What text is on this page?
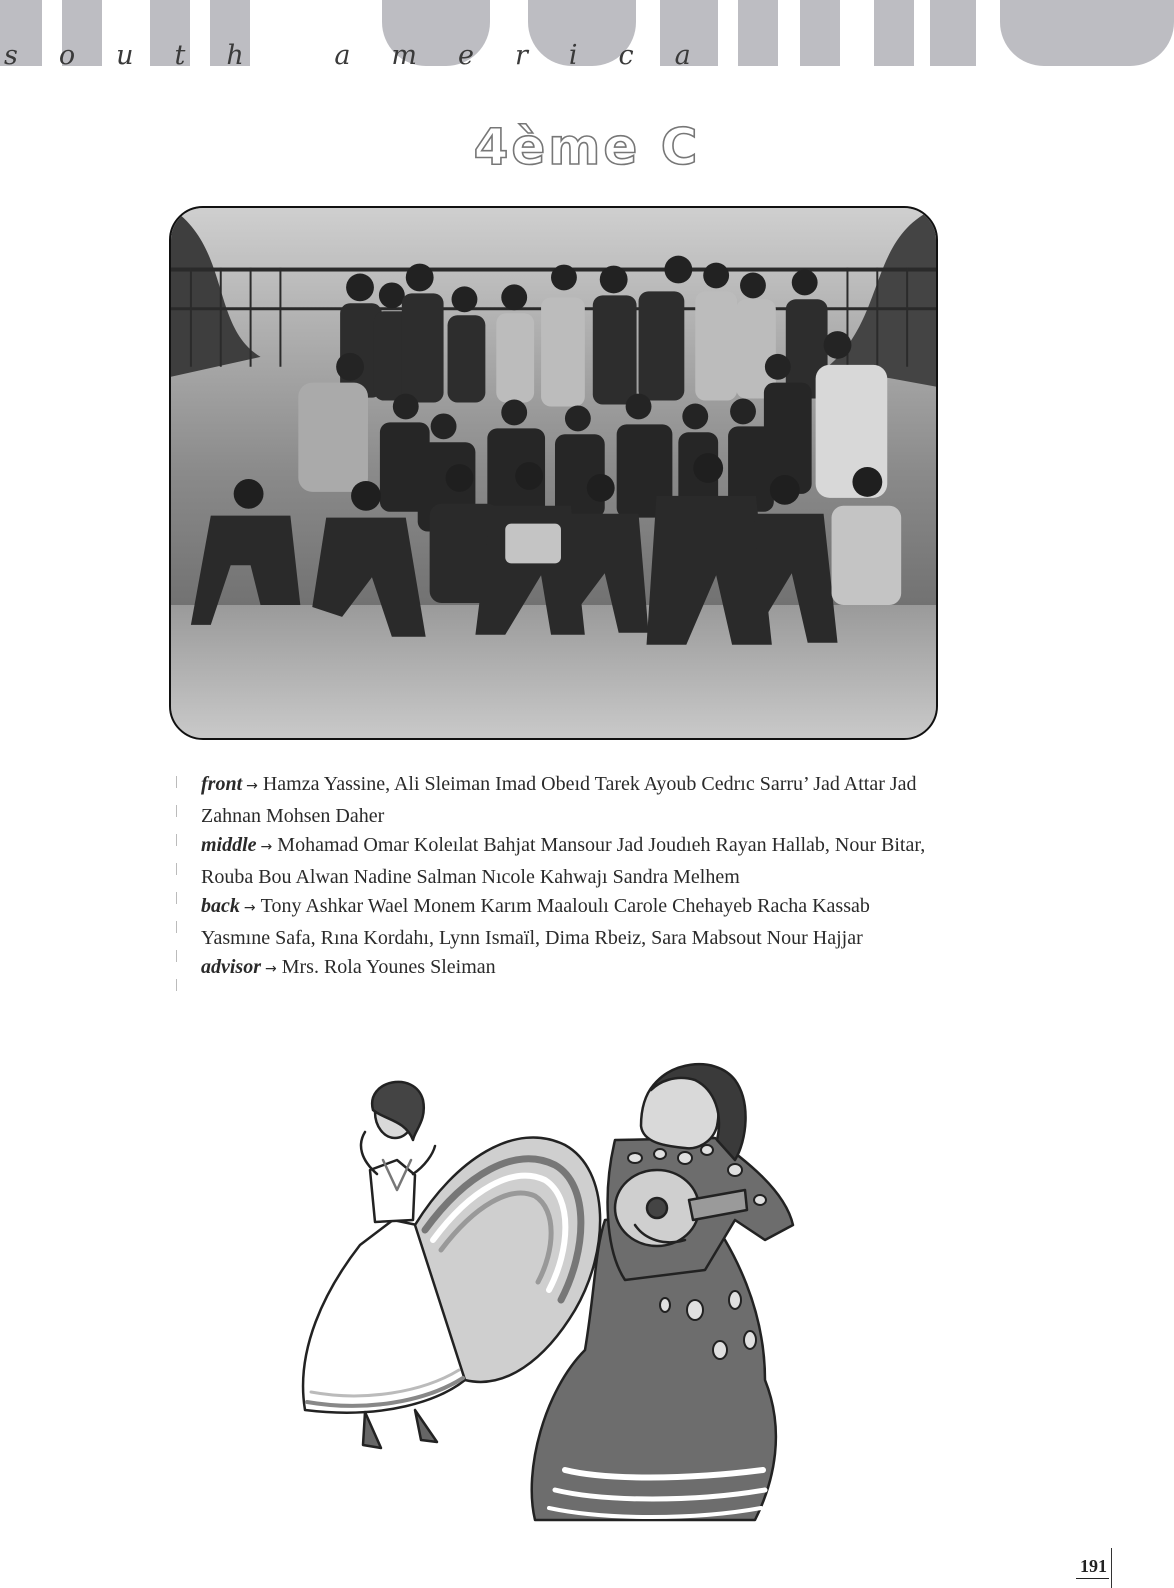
south america
4ème C

front → Hamza Yassine, Ali Sleiman Imad Obeıd Tarek Ayoub Cedrıc Sarru’ Jad Attar Jad Zahnan Mohsen Daher

middle → Mohamad Omar Koleılat Bahjat Mansour Jad Joudıeh Rayan Hallab, Nour Bitar, Rouba Bou Alwan Nadine Salman Nıcole Kahwajı Sandra Melhem

back → Tony Ashkar Wael Monem Karım Maaloulı Carole Chehayeb Racha Kassab Yasmıne Safa, Rına Kordahı, Lynn Ismaïl, Dima Rbeiz, Sara Mabsout Nour Hajjar

advisor → Mrs. Rola Younes Sleiman

191
